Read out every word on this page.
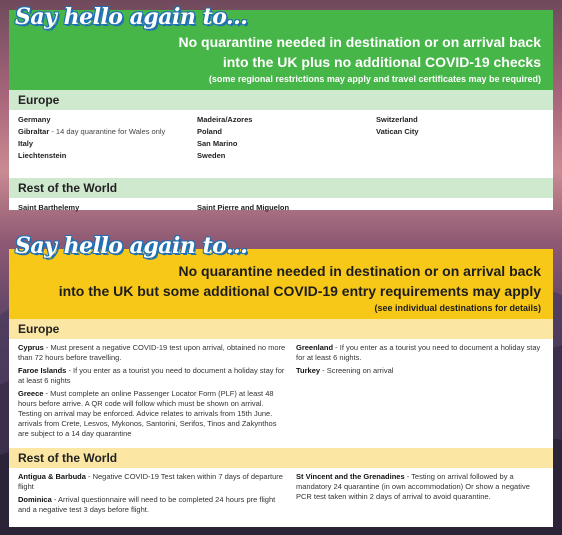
Say hello again to...
No quarantine needed in destination or on arrival back
into the UK plus no additional COVID-19 checks
(some regional restrictions may apply and travel certificates may be required)
Europe
Germany
Gibraltar - 14 day quarantine for Wales only
Italy
Liechtenstein
Madeira/Azores
Poland
San Marino
Sweden
Switzerland
Vatican City
Rest of the World
Saint Barthelemy	Saint Pierre and Miguelon
Say hello again to...
No quarantine needed in destination or on arrival back
into the UK but some additional COVID-19 entry requirements may apply
(see individual destinations for details)
Europe
Cyprus - Must present a negative COVID-19 test upon arrival, obtained no more than 72 hours before travelling.
Faroe Islands - If you enter as a tourist you need to document a holiday stay for at least 6 nights
Greece - Must complete an online Passenger Locator Form (PLF) at least 48 hours before arrive. A QR code will follow which must be shown on arrival. Testing on arrival may be enforced. Advice relates to arrivals from 15th June. arrivals from Crete, Lesvos, Mykonos, Santorini, Serifos, Tinos and Zakynthos are subject to a 14 day quarantine
Greenland - If you enter as a tourist you need to document a holiday stay for at least 6 nights.
Turkey - Screening on arrival
Rest of the World
Antigua & Barbuda - Negative COVID-19 Test taken within 7 days of departure flight
Dominica - Arrival questionnaire will need to be completed 24 hours pre flight and a negative test 3 days before flight.
St Vincent and the Grenadines - Testing on arrival followed by a mandatory 24 quarantine (in own accommodation) Or show a negative PCR test taken within 2 days of arrival to avoid quarantine.
